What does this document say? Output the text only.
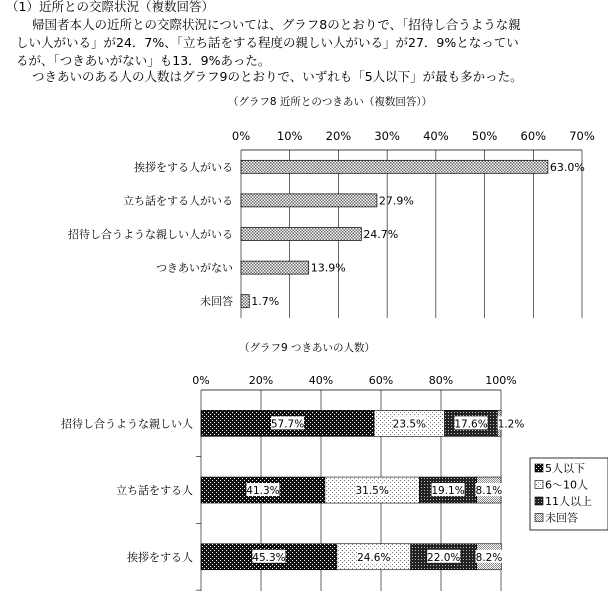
（1）近所との交際状況（複数回答）
帰国者本人の近所との交際状況については、グラフ8のとおりで、「招待し合うような親
しい人がいる」が24．7%、「立ち話をする程度の親しい人がいる」が27．9%となってい
るが、「つきあいがない」も13．9%あった。
つきあいのある人の人数はグラフ9のとおりで、いずれも「5人以下」が最も多かった。
（グラフ8 近所とのつきあい（複数回答））
0% 10% 20% 30% 40% 50% 60% 70%
挨拶をする人がいる	63.0%
立ち話をする人がいる	27.9%
招待し合うような親しい人がいる	24.7%
つきあいがない	13.9%
未回答 1.7%
（グラフ9 つきあいの人数）
0%	20%	40%	60%	80%	100%
招待し合うような親しい人	57.7%	23.5%	17.6% 1.2%
立ち話をする人	41.3%	31.5%	19.1% 8.1%
挨拶をする人	45.3%	24.6%	22.0% 8.2%
5人以下
6～10人
11人以上
未回答
